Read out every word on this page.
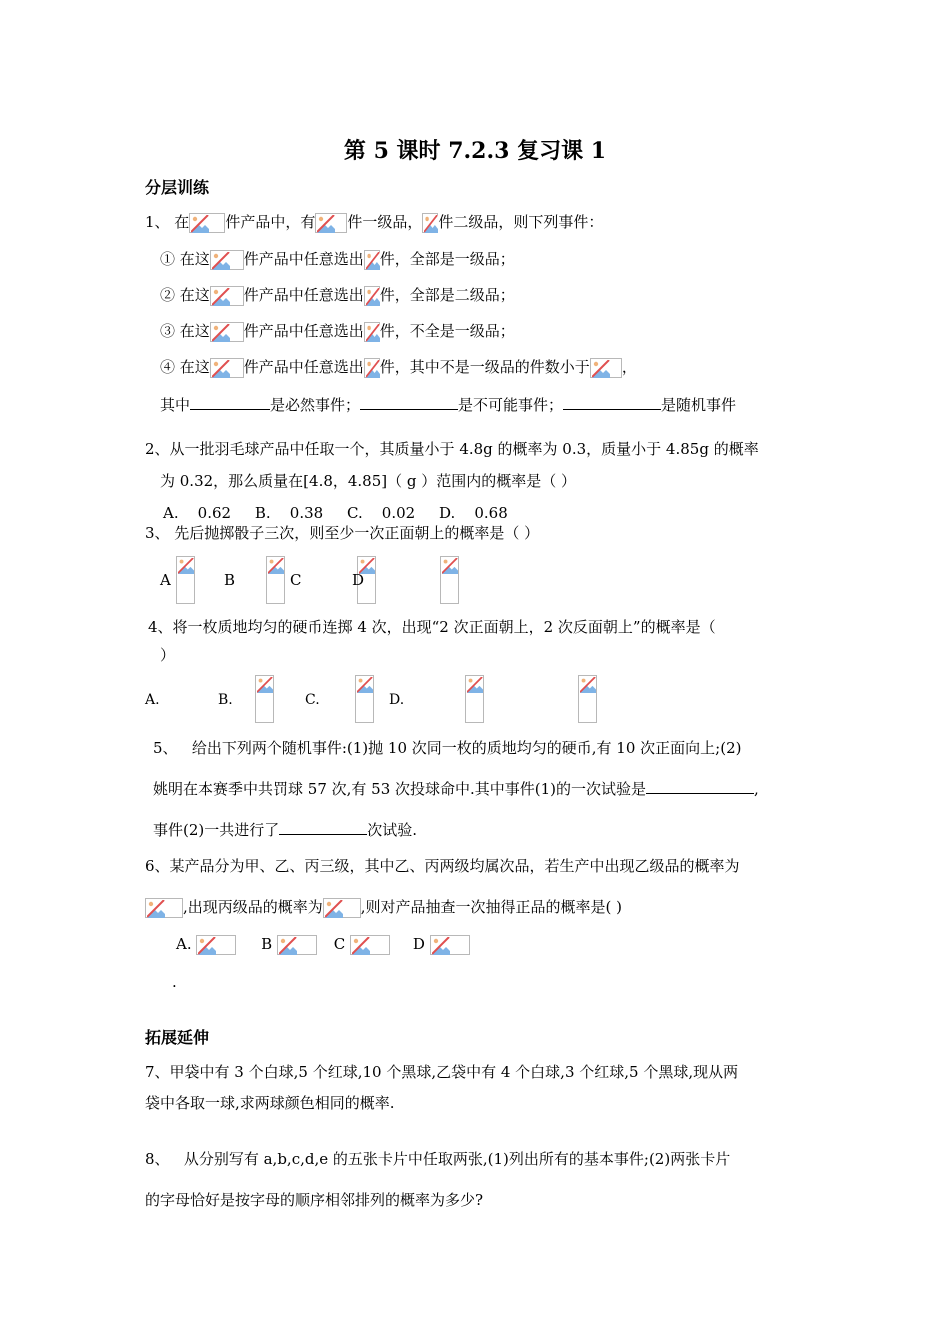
第 5 课时 7.2.3 复习课 1
分层训练
1、 在 件产品中，有 件一级品， 件二级品，则下列事件：
① 在这 件产品中任意选出 件，全部是一级品；
② 在这 件产品中任意选出 件，全部是二级品；
③ 在这 件产品中任意选出 件，不全是一级品；
④ 在这 件产品中任意选出 件，其中不是一级品的件数小于 ，
其中	是必然事件；	是不可能事件；	是随机事件
2、从一批羽毛球产品中任取一个，其质量小于 4.8g 的概率为 0.3，质量小于 4.85g 的概率
为 0.32，那么质量在[4.8，4.85]（ g ）范围内的概率是（ ）
A.    0.62     B.    0.38     C.    0.02     D.    0.68
3、 先后抛掷骰子三次，则至少一次正面朝上的概率是（ ）
A
	B
	C
	D

4、将一枚质地均匀的硬币连掷 4 次，出现“2 次正面朝上，2 次反面朝上”的概率是（
）
A.
	B.
	C.
	D.
5、   给出下列两个随机事件:(1)抛 10 次同一枚的质地均匀的硬币,有 10 次正面向上;(2)
姚明在本赛季中共罚球 57 次,有 53 次投球命中.其中事件(1)的一次试验是	,
事件(2)一共进行了	次试验.
6、某产品分为甲、乙、丙三级，其中乙、丙两级均属次品，若生产中出现乙级品的概率为
,出现丙级品的概率为	,则对产品抽查一次抽得正品的概率是( )
A.	B	C	D
.
拓展延伸
7、甲袋中有 3 个白球,5 个红球,10 个黑球,乙袋中有 4 个白球,3 个红球,5 个黑球,现从两
袋中各取一球,求两球颜色相同的概率.
8、   从分别写有 a,b,c,d,e 的五张卡片中任取两张,(1)列出所有的基本事件;(2)两张卡片
的字母恰好是按字母的顺序相邻排列的概率为多少?
